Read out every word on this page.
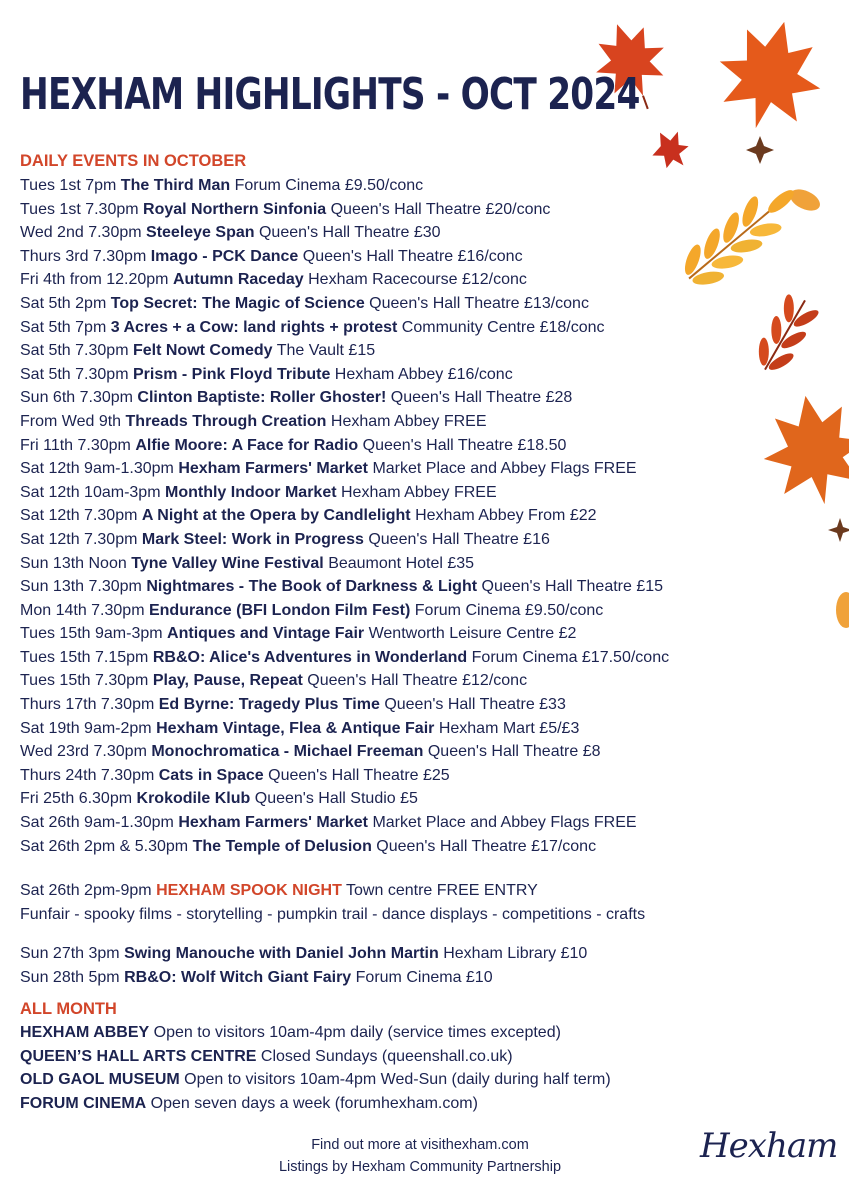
HEXHAM HIGHLIGHTS - OCT 2024
DAILY EVENTS IN OCTOBER
Tues 1st 7pm The Third Man Forum Cinema £9.50/conc
Tues 1st 7.30pm Royal Northern Sinfonia Queen's Hall Theatre £20/conc
Wed 2nd 7.30pm Steeleye Span Queen's Hall Theatre £30
Thurs 3rd 7.30pm Imago - PCK Dance Queen's Hall Theatre £16/conc
Fri 4th from 12.20pm Autumn Raceday Hexham Racecourse £12/conc
Sat 5th 2pm Top Secret: The Magic of Science Queen's Hall Theatre £13/conc
Sat 5th 7pm 3 Acres + a Cow: land rights + protest Community Centre £18/conc
Sat 5th 7.30pm Felt Nowt Comedy The Vault £15
Sat 5th 7.30pm Prism - Pink Floyd Tribute Hexham Abbey £16/conc
Sun 6th 7.30pm Clinton Baptiste: Roller Ghoster! Queen's Hall Theatre £28
From Wed 9th Threads Through Creation Hexham Abbey FREE
Fri 11th 7.30pm Alfie Moore: A Face for Radio Queen's Hall Theatre £18.50
Sat 12th 9am-1.30pm Hexham Farmers' Market Market Place and Abbey Flags FREE
Sat 12th 10am-3pm Monthly Indoor Market Hexham Abbey FREE
Sat 12th 7.30pm A Night at the Opera by Candlelight Hexham Abbey From £22
Sat 12th 7.30pm Mark Steel: Work in Progress Queen's Hall Theatre £16
Sun 13th Noon Tyne Valley Wine Festival Beaumont Hotel £35
Sun 13th 7.30pm Nightmares - The Book of Darkness & Light Queen's Hall Theatre £15
Mon 14th 7.30pm Endurance (BFI London Film Fest) Forum Cinema £9.50/conc
Tues 15th 9am-3pm Antiques and Vintage Fair Wentworth Leisure Centre £2
Tues 15th 7.15pm RB&O: Alice's Adventures in Wonderland Forum Cinema £17.50/conc
Tues 15th 7.30pm Play, Pause, Repeat Queen's Hall Theatre £12/conc
Thurs 17th 7.30pm Ed Byrne: Tragedy Plus Time Queen's Hall Theatre £33
Sat 19th 9am-2pm Hexham Vintage, Flea & Antique Fair Hexham Mart £5/£3
Wed 23rd 7.30pm Monochromatica - Michael Freeman Queen's Hall Theatre £8
Thurs 24th 7.30pm Cats in Space Queen's Hall Theatre £25
Fri 25th 6.30pm Krokodile Klub Queen's Hall Studio £5
Sat 26th 9am-1.30pm Hexham Farmers' Market Market Place and Abbey Flags FREE
Sat 26th 2pm & 5.30pm The Temple of Delusion Queen's Hall Theatre £17/conc
Sat 26th 2pm-9pm HEXHAM SPOOK NIGHT Town centre FREE ENTRY
Funfair - spooky films - storytelling - pumpkin trail - dance displays - competitions - crafts
Sun 27th 3pm Swing Manouche with Daniel John Martin Hexham Library £10
Sun 28th 5pm RB&O: Wolf Witch Giant Fairy Forum Cinema £10
ALL MONTH
HEXHAM ABBEY Open to visitors 10am-4pm daily (service times excepted)
QUEEN’S HALL ARTS CENTRE Closed Sundays (queenshall.co.uk)
OLD GAOL MUSEUM Open to visitors 10am-4pm Wed-Sun (daily during half term)
FORUM CINEMA Open seven days a week (forumhexham.com)
Find out more at visithexham.com
Listings by Hexham Community Partnership
Hexham
